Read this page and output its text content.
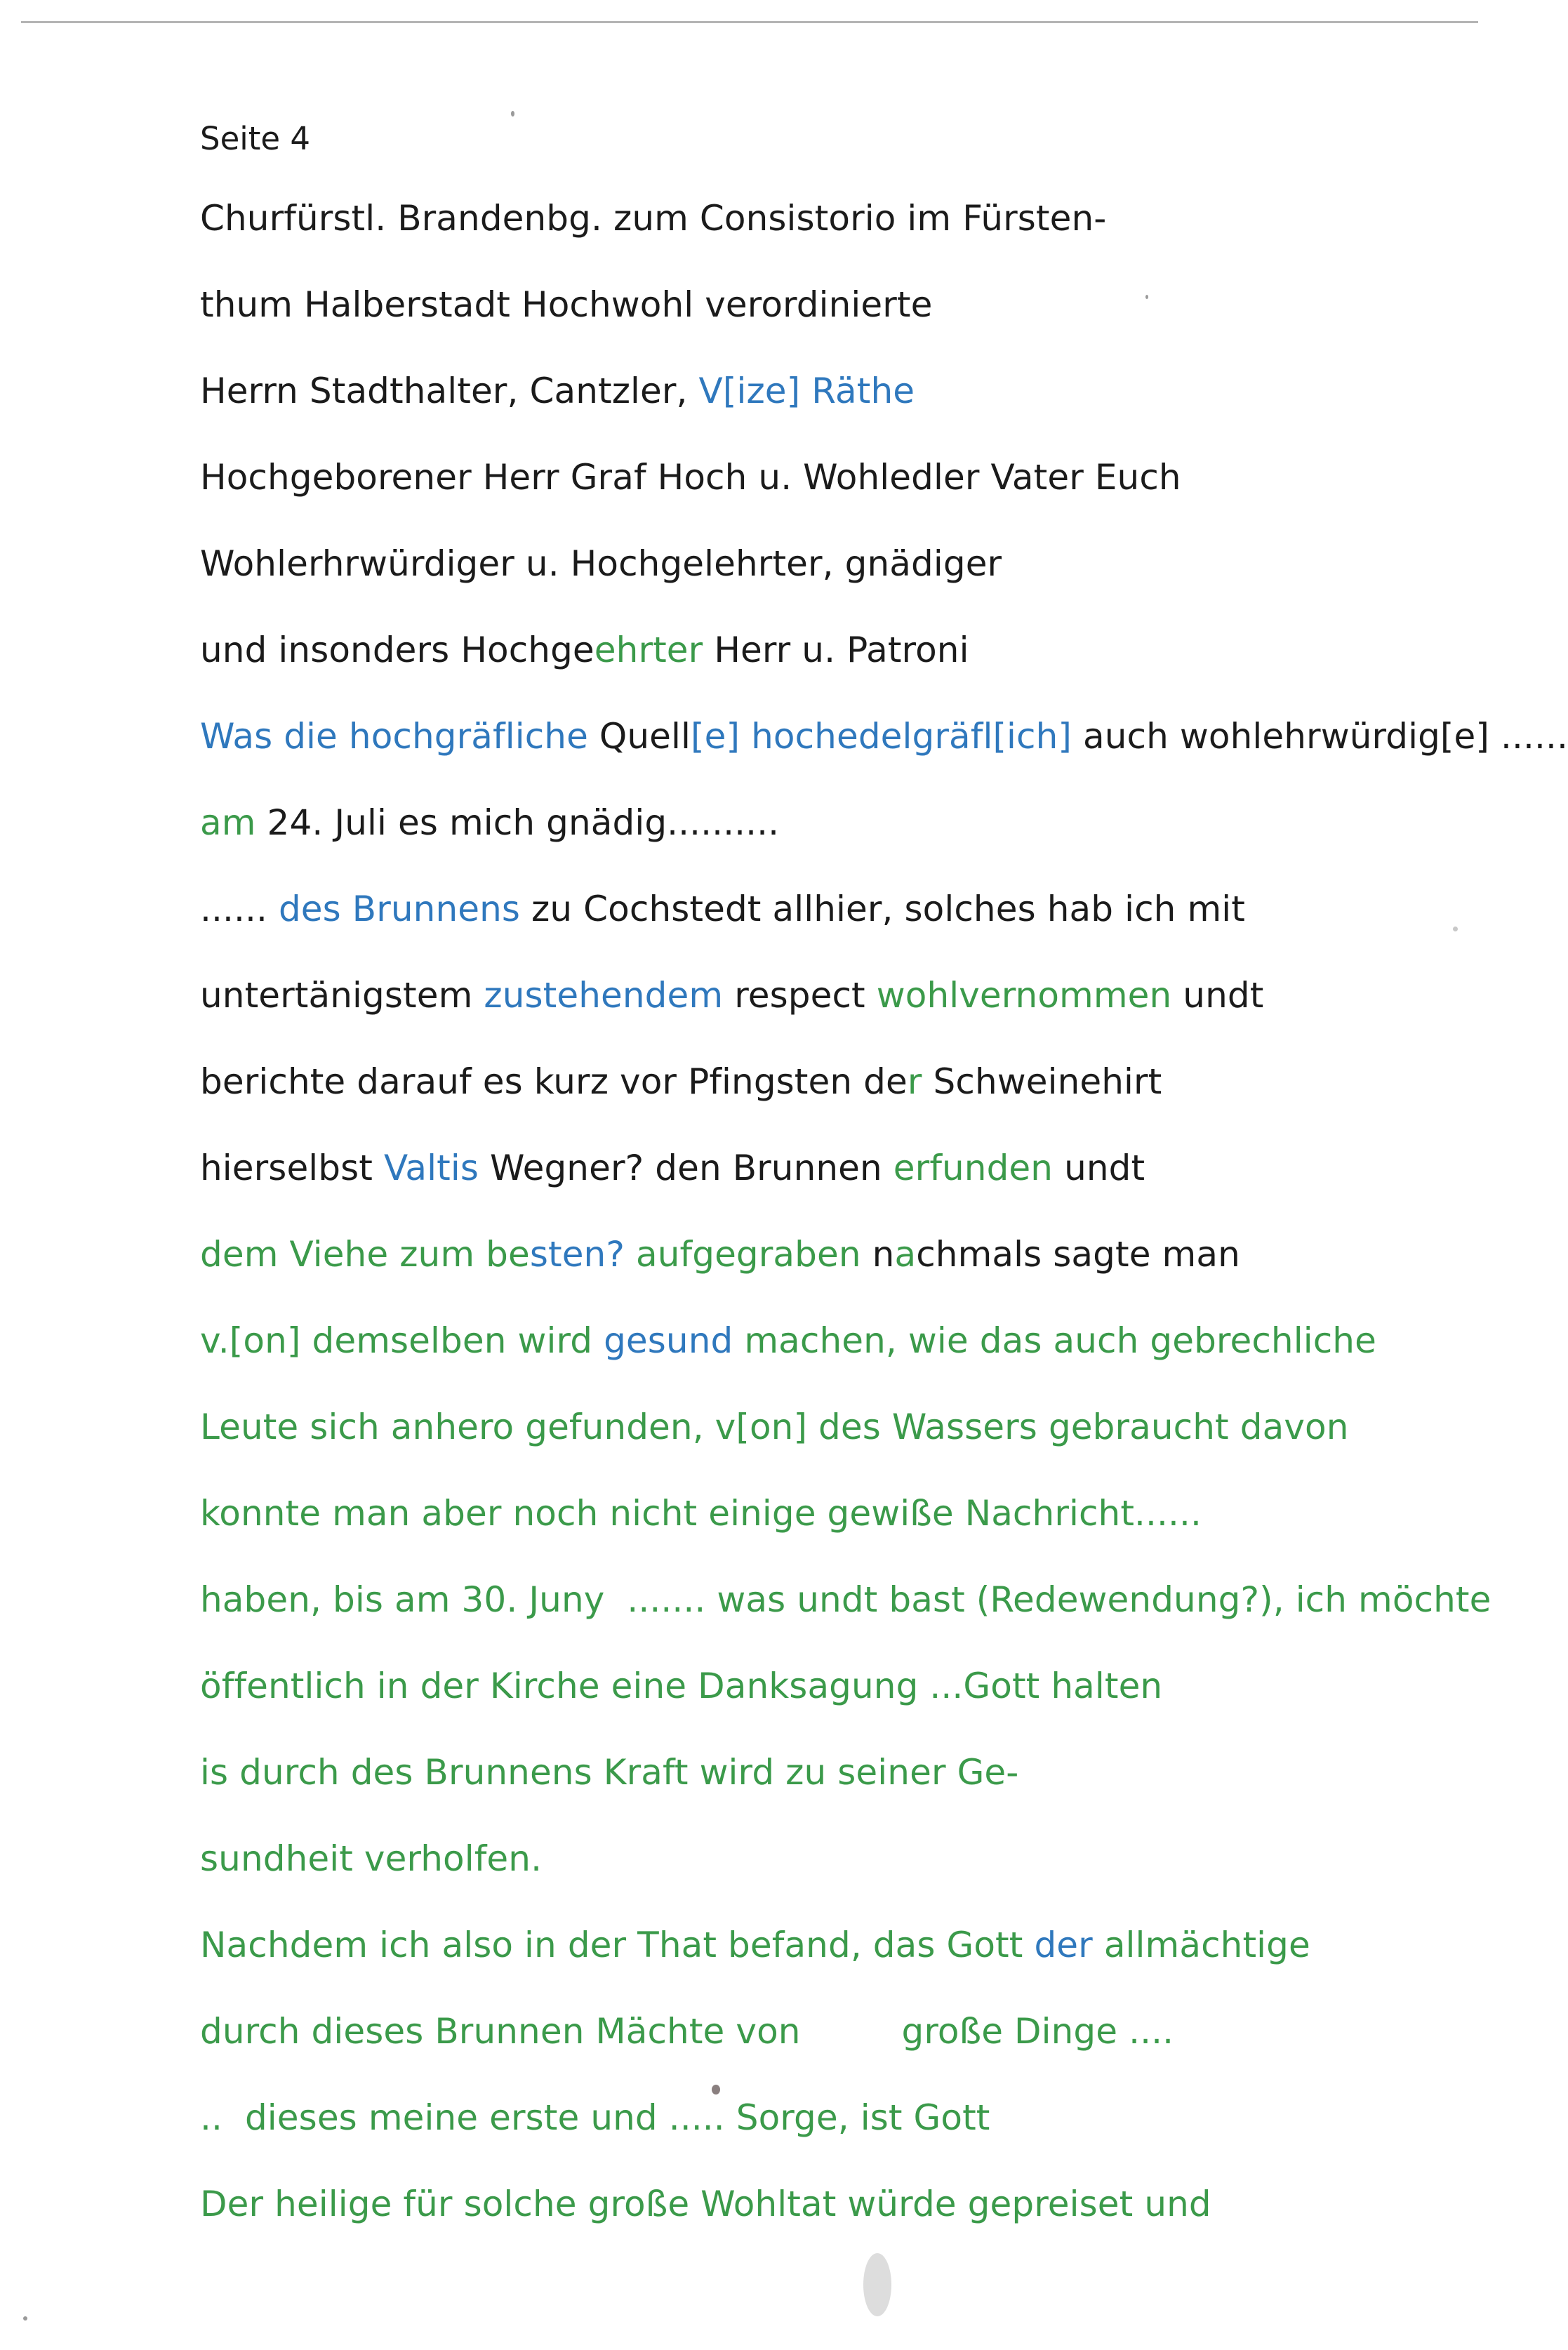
Seite 4
Churfürstl. Brandenbg. zum Consistorio im Fürsten-
thum Halberstadt Hochwohl verordinierte
Herrn Stadthalter, Cantzler, V[ize] Räthe
Hochgeborener Herr Graf Hoch u. Wohledler Vater Euch
Wohlerhrwürdiger u. Hochgelehrter, gnädiger
und insonders Hochgeehrter Herr u. Patroni
Was die hochgräfliche Quell[e] hochedelgräfl[ich] auch wohlehrwürdig[e] ......
am 24. Juli es mich gnädig..........
...... des Brunnens zu Cochstedt allhier, solches hab ich mit
untertänigstem zustehendem respect wohlvernommen undt
berichte darauf es kurz vor Pfingsten der Schweinehirt
hierselbst Valtis Wegner? den Brunnen erfunden undt
dem Viehe zum besten? aufgegraben nachmals sagte man
v.[on] demselben wird gesund machen, wie das auch gebrechliche
Leute sich anhero gefunden, v[on] des Wassers gebraucht davon
konnte man aber noch nicht einige gewiße Nachricht......
haben, bis am 30. Juny  ....... was undt bast (Redewendung?), ich möchte
öffentlich in der Kirche eine Danksagung ...Gott halten
is durch des Brunnens Kraft wird zu seiner Ge-
sundheit verholfen.
Nachdem ich also in der That befand, das Gott der allmächtige
durch dieses Brunnen Mächte von         große Dinge ....
..  dieses meine erste und ..... Sorge, ist Gott
Der heilige für solche große Wohltat würde gepreiset und
